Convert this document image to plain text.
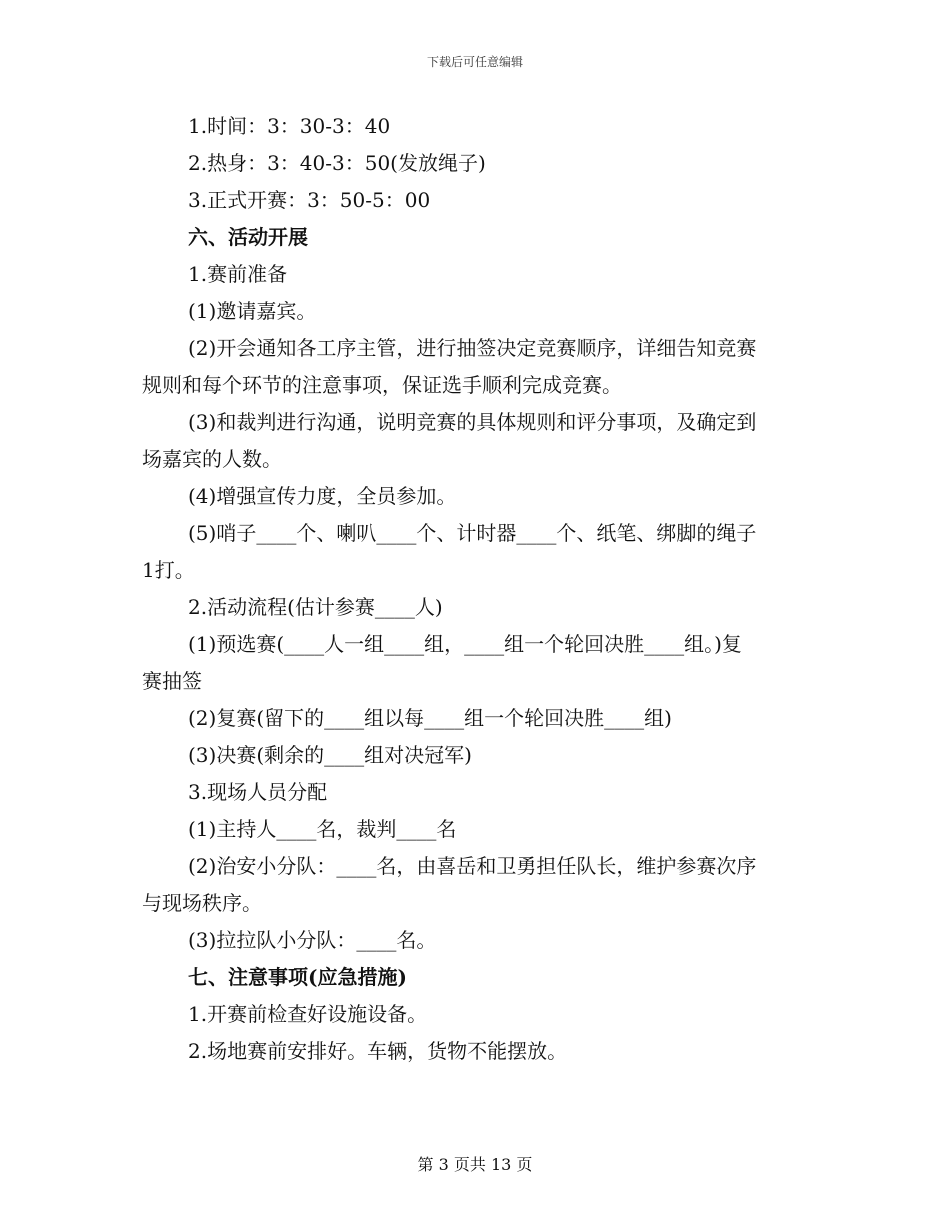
下载后可任意编辑
1.时间：3：30-3：40
2.热身：3：40-3：50(发放绳子)
3.正式开赛：3：50-5：00
六、活动开展
1.赛前准备
(1)邀请嘉宾。
(2)开会通知各工序主管，进行抽签决定竞赛顺序，详细告知竞赛
规则和每个环节的注意事项，保证选手顺利完成竞赛。
(3)和裁判进行沟通，说明竞赛的具体规则和评分事项，及确定到
场嘉宾的人数。
(4)增强宣传力度，全员参加。
(5)哨子____个、喇叭____个、计时器____个、纸笔、绑脚的绳子
1打。
2.活动流程(估计参赛____人)
(1)预选赛(____人一组____组，____组一个轮回决胜____组。)复
赛抽签
(2)复赛(留下的____组以每____组一个轮回决胜____组)
(3)决赛(剩余的____组对决冠军)
3.现场人员分配
(1)主持人____名，裁判____名
(2)治安小分队：____名，由喜岳和卫勇担任队长，维护参赛次序
与现场秩序。
(3)拉拉队小分队：____名。
七、注意事项(应急措施)
1.开赛前检查好设施设备。
2.场地赛前安排好。车辆，货物不能摆放。
第 3 页共 13 页
